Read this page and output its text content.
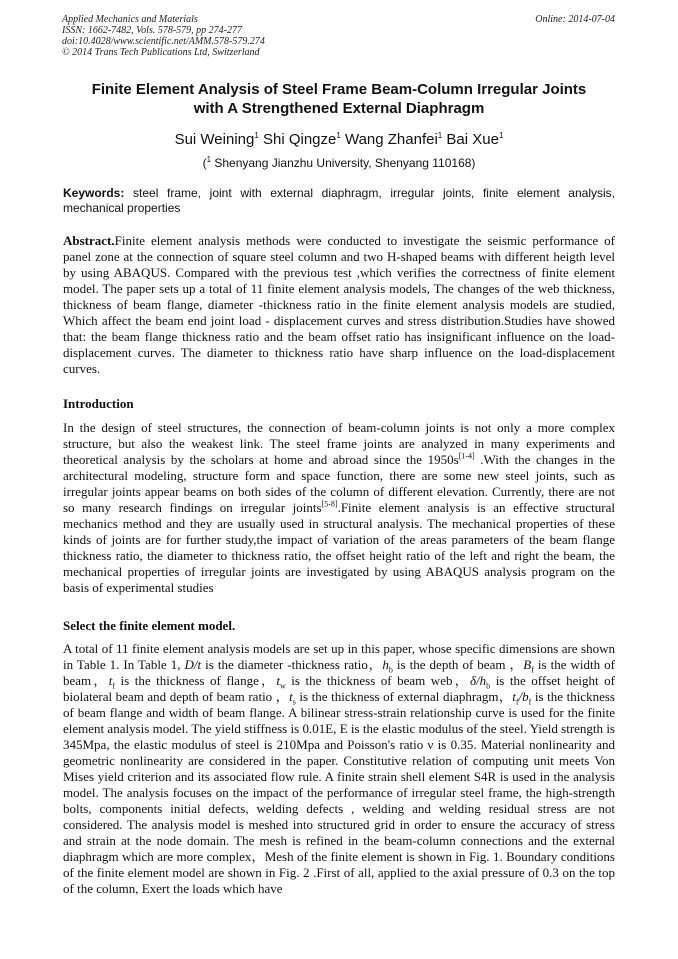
Applied Mechanics and Materials
ISSN: 1662-7482, Vols. 578-579, pp 274-277
doi:10.4028/www.scientific.net/AMM.578-579.274
© 2014 Trans Tech Publications Ltd, Switzerland
Online: 2014-07-04
Finite Element Analysis of Steel Frame Beam-Column Irregular Joints
with A Strengthened External Diaphragm
Sui Weining$^1$ Shi Qingze$^1$ Wang Zhanfei$^1$ Bai Xue$^1$
($^1$ Shenyang Jianzhu University, Shenyang 110168)
Keywords: steel frame, joint with external diaphragm, irregular joints, finite element analysis, mechanical properties
Abstract.Finite element analysis methods were conducted to investigate the seismic performance of panel zone at the connection of square steel column and two H-shaped beams with different heigth level by using ABAQUS. Compared with the previous test ,which verifies the correctness of finite element model. The paper sets up a total of 11 finite element analysis models, The changes of the web thickness, thickness of beam flange, diameter -thickness ratio in the finite element analysis models are studied, Which affect the beam end joint load - displacement curves and stress distribution.Studies have showed that: the beam flange thickness ratio and the beam offset ratio has insignificant influence on the load-displacement curves. The diameter to thickness ratio have sharp influence on the load-displacement curves.
Introduction
In the design of steel structures, the connection of beam-column joints is not only a more complex structure, but also the weakest link. The steel frame joints are analyzed in many experiments and theoretical analysis by the scholars at home and abroad since the 1950s[1-4] .With the changes in the architectural modeling, structure form and space function, there are some new steel joints, such as irregular joints appear beams on both sides of the column of different elevation. Currently, there are not so many research findings on irregular joints[5-8].Finite element analysis is an effective structural mechanics method and they are usually used in structural analysis. The mechanical properties of these kinds of joints are for further study,the impact of variation of the areas parameters of the beam flange thickness ratio, the diameter to thickness ratio, the offset height ratio of the left and right the beam, the mechanical properties of irregular joints are investigated by using ABAQUS analysis program on the basis of experimental studies
Select the finite element model.
A total of 11 finite element analysis models are set up in this paper, whose specific dimensions are shown in Table 1. In Table 1, D/t is the diameter -thickness ratio，$h_b$ is the depth of beam ，$B_f$ is the width of beam，$t_f$ is the thickness of flange，$t_w$ is the thickness of beam web，$\delta/h_b$ is the offset height of biolateral beam and depth of beam ratio ，$t_s$ is the thickness of external diaphragm，$t_f/b_f$ is the thickness of beam flange and width of beam flange. A bilinear stress-strain relationship curve is used for the finite element analysis model. The yield stiffness is 0.01E, E is the elastic modulus of the steel. Yield strength is 345Mpa, the elastic modulus of steel is 210Mpa and Poisson's ratio ν is 0.35. Material nonlinearity and geometric nonlinearity are considered in the paper. Constitutive relation of computing unit meets Von Mises yield criterion and its associated flow rule. A finite strain shell element S4R is used in the analysis model. The analysis focuses on the impact of the performance of irregular steel frame, the high-strength bolts, components initial defects, welding defects , welding and welding residual stress are not considered. The analysis model is meshed into structured grid in order to ensure the accuracy of stress and strain at the node domain. The mesh is refined in the beam-column connections and the external diaphragm which are more complex，Mesh of the finite element is shown in Fig. 1. Boundary conditions of the finite element model are shown in Fig. 2 .First of all, applied to the axial pressure of 0.3 on the top of the column, Exert the loads which have
